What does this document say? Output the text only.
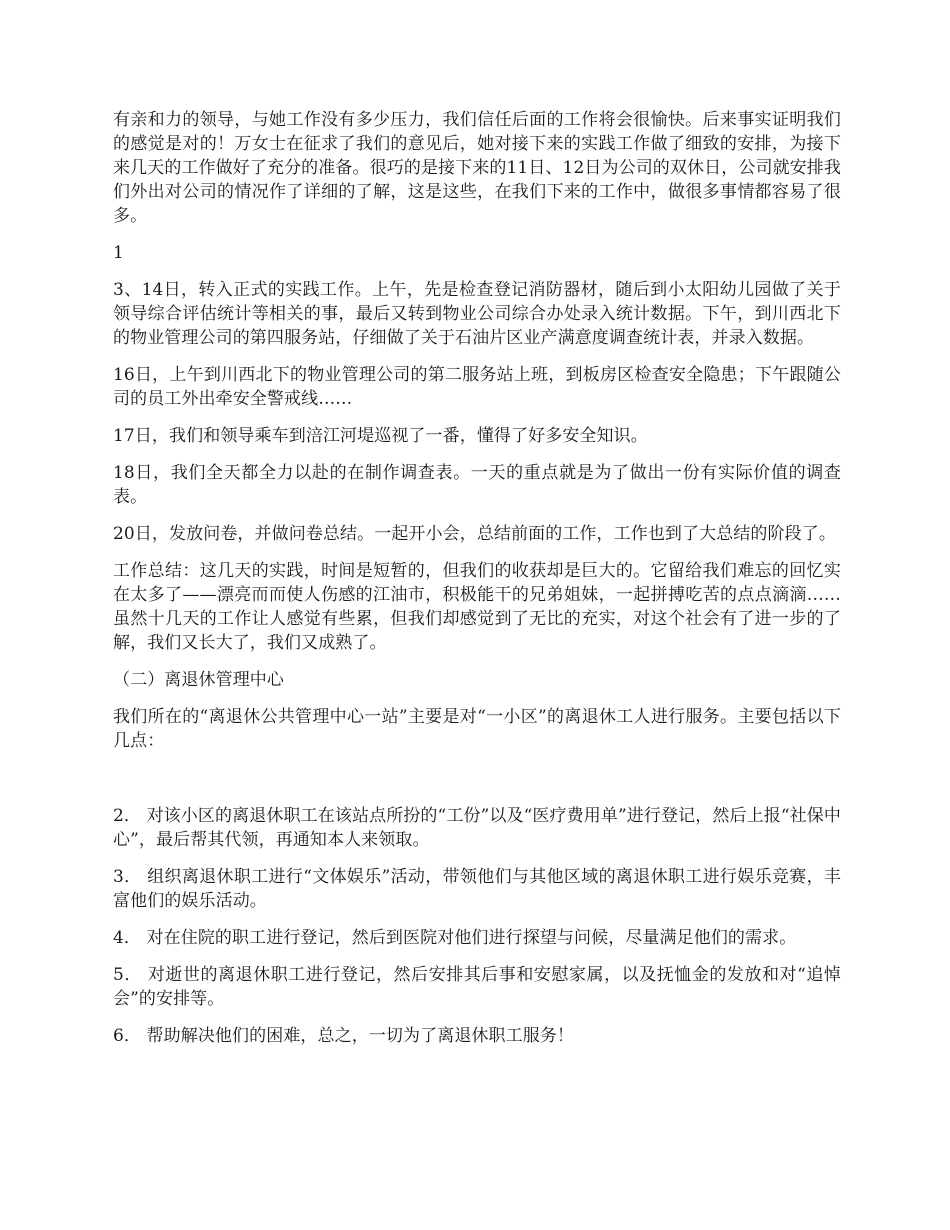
有亲和力的领导，与她工作没有多少压力，我们信任后面的工作将会很愉快。后来事实证明我们的感觉是对的！万女士在征求了我们的意见后，她对接下来的实践工作做了细致的安排，为接下来几天的工作做好了充分的准备。很巧的是接下来的11日、12日为公司的双休日，公司就安排我们外出对公司的情况作了详细的了解，这是这些，在我们下来的工作中，做很多事情都容易了很多。

1

3、14日，转入正式的实践工作。上午，先是检查登记消防器材，随后到小太阳幼儿园做了关于领导综合评估统计等相关的事，最后又转到物业公司综合办处录入统计数据。下午，到川西北下的物业管理公司的第四服务站，仔细做了关于石油片区业产满意度调查统计表，并录入数据。

16日，上午到川西北下的物业管理公司的第二服务站上班，到板房区检查安全隐患；下午跟随公司的员工外出牵安全警戒线……

17日，我们和领导乘车到涪江河堤巡视了一番，懂得了好多安全知识。

18日，我们全天都全力以赴的在制作调查表。一天的重点就是为了做出一份有实际价值的调查表。

20日，发放问卷，并做问卷总结。一起开小会，总结前面的工作，工作也到了大总结的阶段了。

工作总结：这几天的实践，时间是短暂的，但我们的收获却是巨大的。它留给我们难忘的回忆实在太多了——漂亮而而使人伤感的江油市，积极能干的兄弟姐妹，一起拼搏吃苦的点点滴滴……虽然十几天的工作让人感觉有些累，但我们却感觉到了无比的充实，对这个社会有了进一步的了解，我们又长大了，我们又成熟了。

（二）离退休管理中心

我们所在的“离退休公共管理中心一站”主要是对“一小区”的离退休工人进行服务。主要包括以下几点：

2． 对该小区的离退休职工在该站点所扮的“工份”以及“医疗费用单”进行登记，然后上报“社保中心”，最后帮其代领，再通知本人来领取。

3． 组织离退休职工进行“文体娱乐”活动，带领他们与其他区域的离退休职工进行娱乐竞赛，丰富他们的娱乐活动。

4． 对在住院的职工进行登记，然后到医院对他们进行探望与问候，尽量满足他们的需求。

5． 对逝世的离退休职工进行登记，然后安排其后事和安慰家属，以及抚恤金的发放和对“追悼会”的安排等。

6． 帮助解决他们的困难，总之，一切为了离退休职工服务！
